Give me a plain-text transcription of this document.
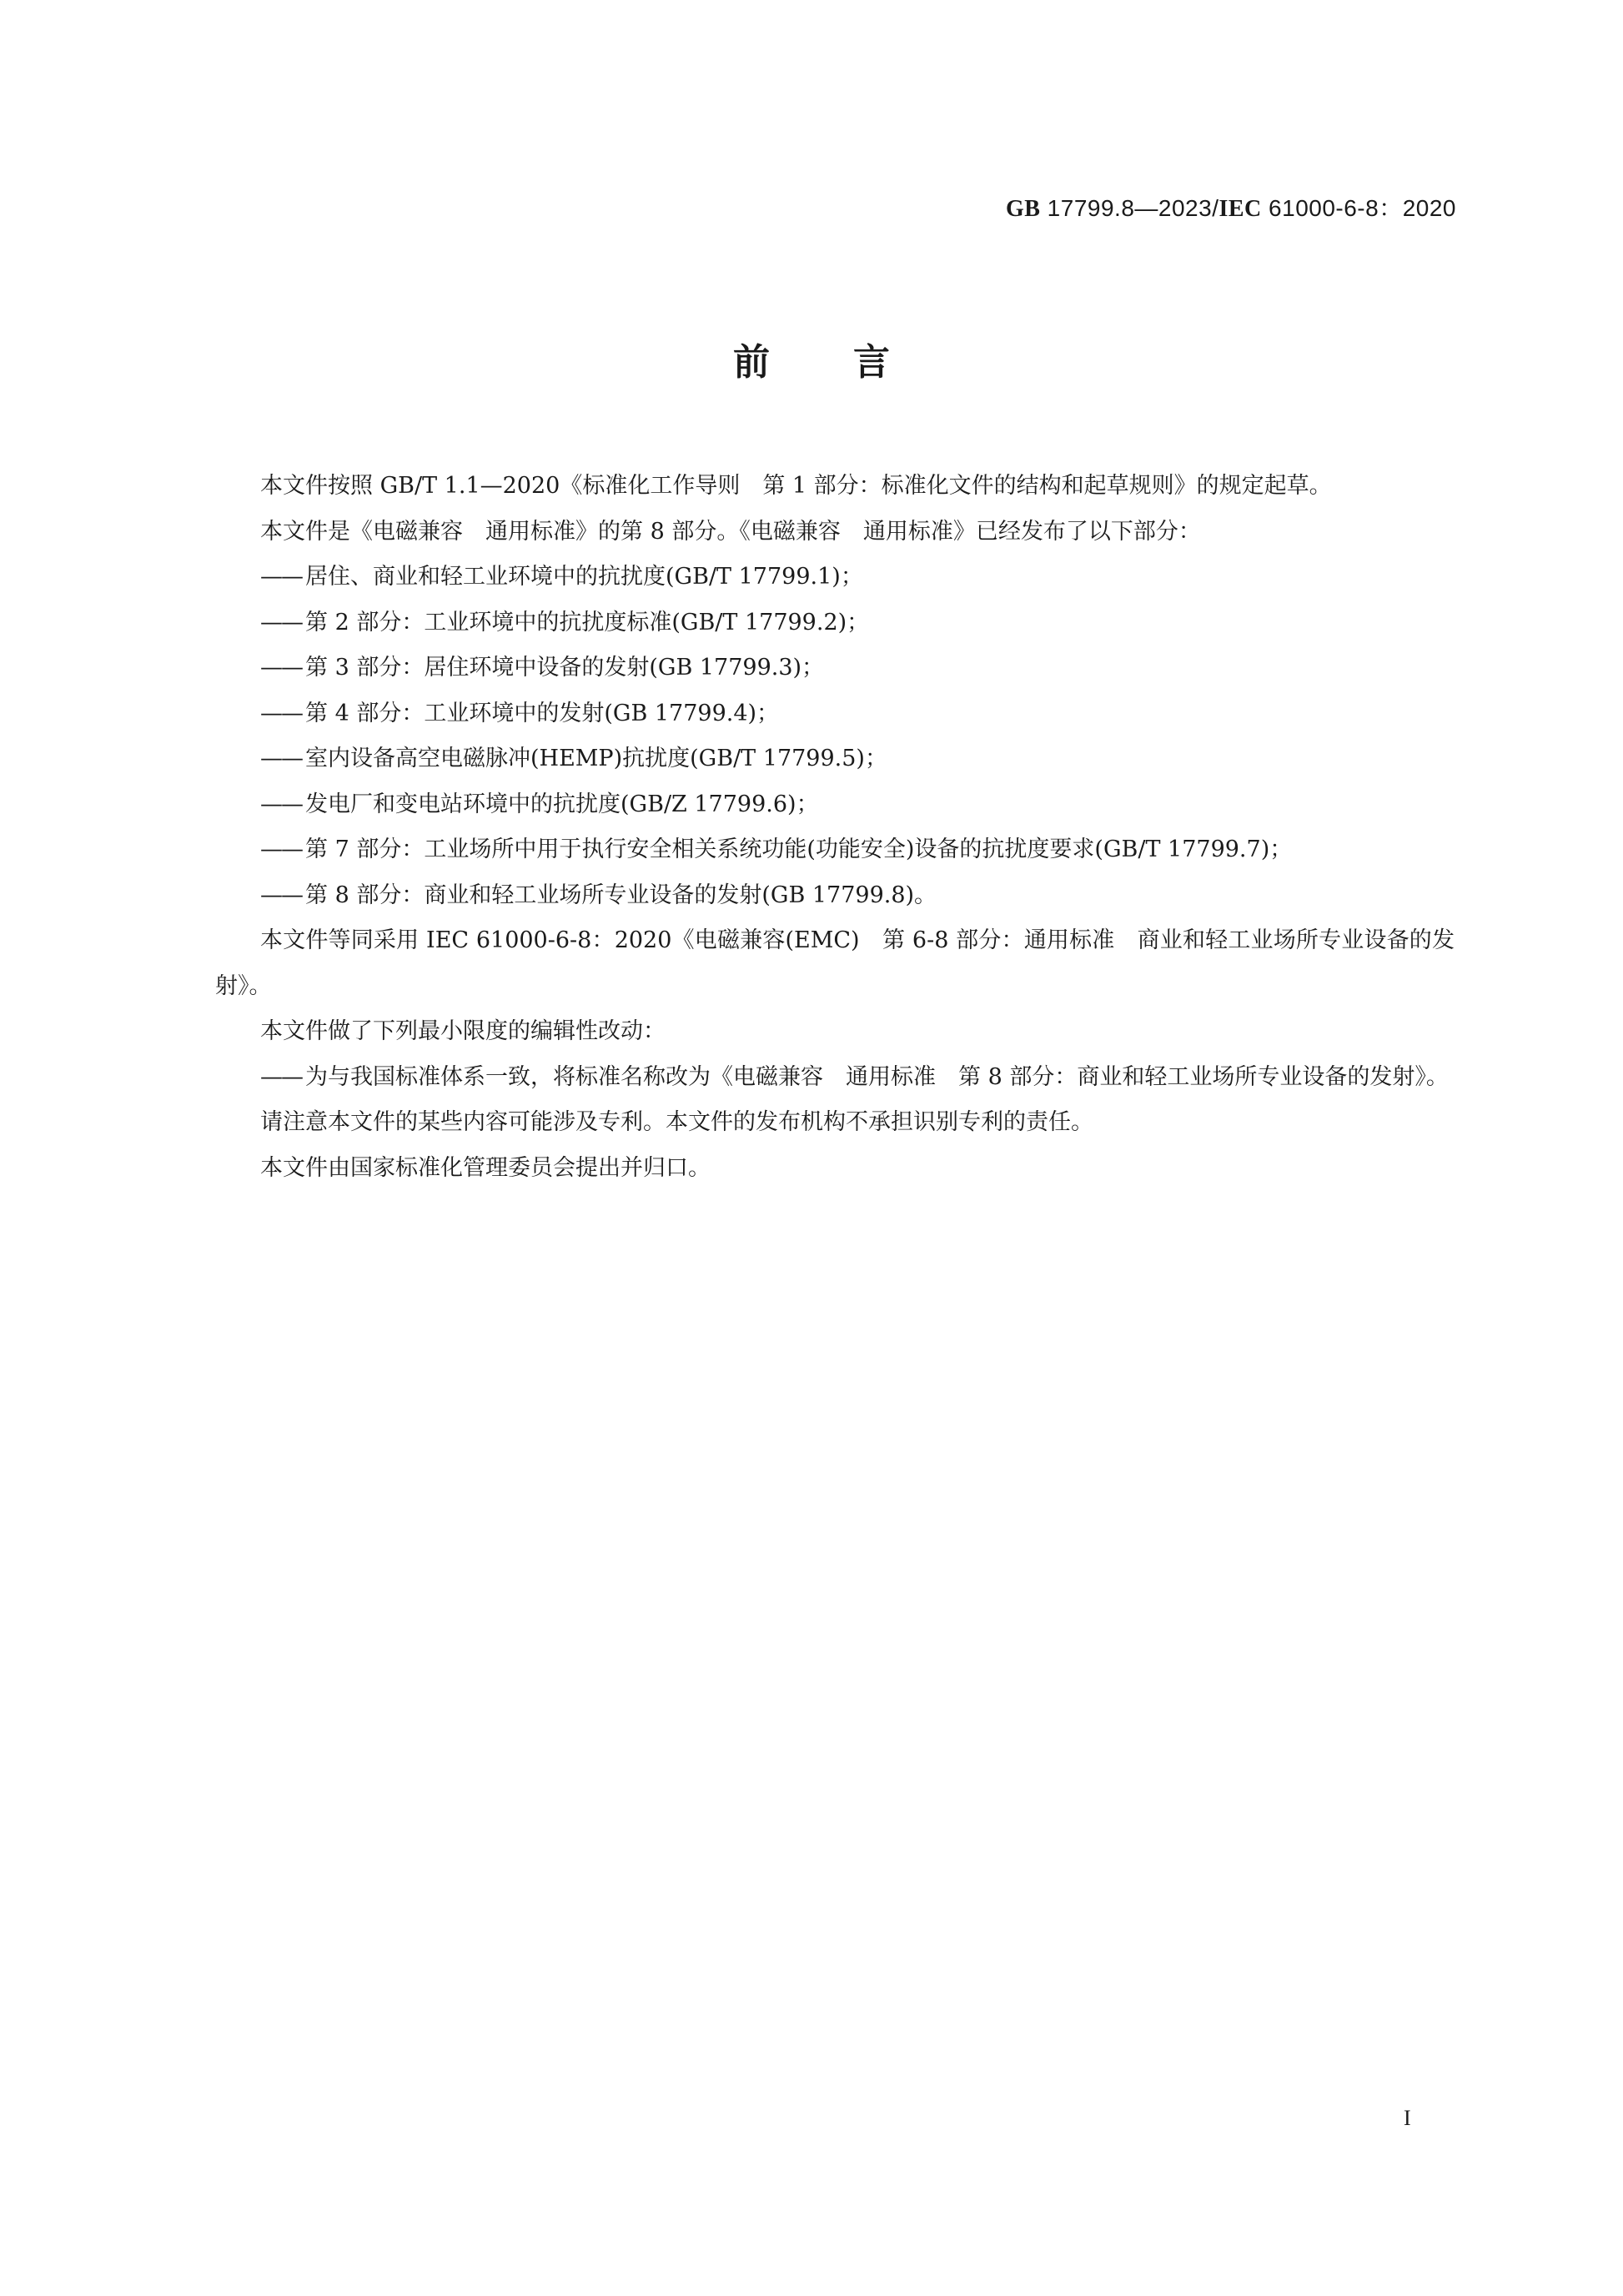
GB 17799.8—2023/IEC 61000-6-8：2020
前 言

本文件按照 GB/T 1.1—2020《标准化工作导则　第 1 部分：标准化文件的结构和起草规则》的规定起草。

本文件是《电磁兼容　通用标准》的第 8 部分。《电磁兼容　通用标准》已经发布了以下部分：

—— 居住、商业和轻工业环境中的抗扰度(GB/T 17799.1)；

—— 第 2 部分：工业环境中的抗扰度标准(GB/T 17799.2)；

—— 第 3 部分：居住环境中设备的发射(GB 17799.3)；

—— 第 4 部分：工业环境中的发射(GB 17799.4)；

—— 室内设备高空电磁脉冲(HEMP)抗扰度(GB/T 17799.5)；

—— 发电厂和变电站环境中的抗扰度(GB/Z 17799.6)；

—— 第 7 部分：工业场所中用于执行安全相关系统功能(功能安全)设备的抗扰度要求(GB/T 17799.7)；

—— 第 8 部分：商业和轻工业场所专业设备的发射(GB 17799.8)。

本文件等同采用 IEC 61000-6-8：2020《电磁兼容(EMC)　第 6-8 部分：通用标准　商业和轻工业场所专业设备的发射》。

本文件做了下列最小限度的编辑性改动：

—— 为与我国标准体系一致，将标准名称改为《电磁兼容　通用标准　第 8 部分：商业和轻工业场所专业设备的发射》。

请注意本文件的某些内容可能涉及专利。本文件的发布机构不承担识别专利的责任。

本文件由国家标准化管理委员会提出并归口。

I
